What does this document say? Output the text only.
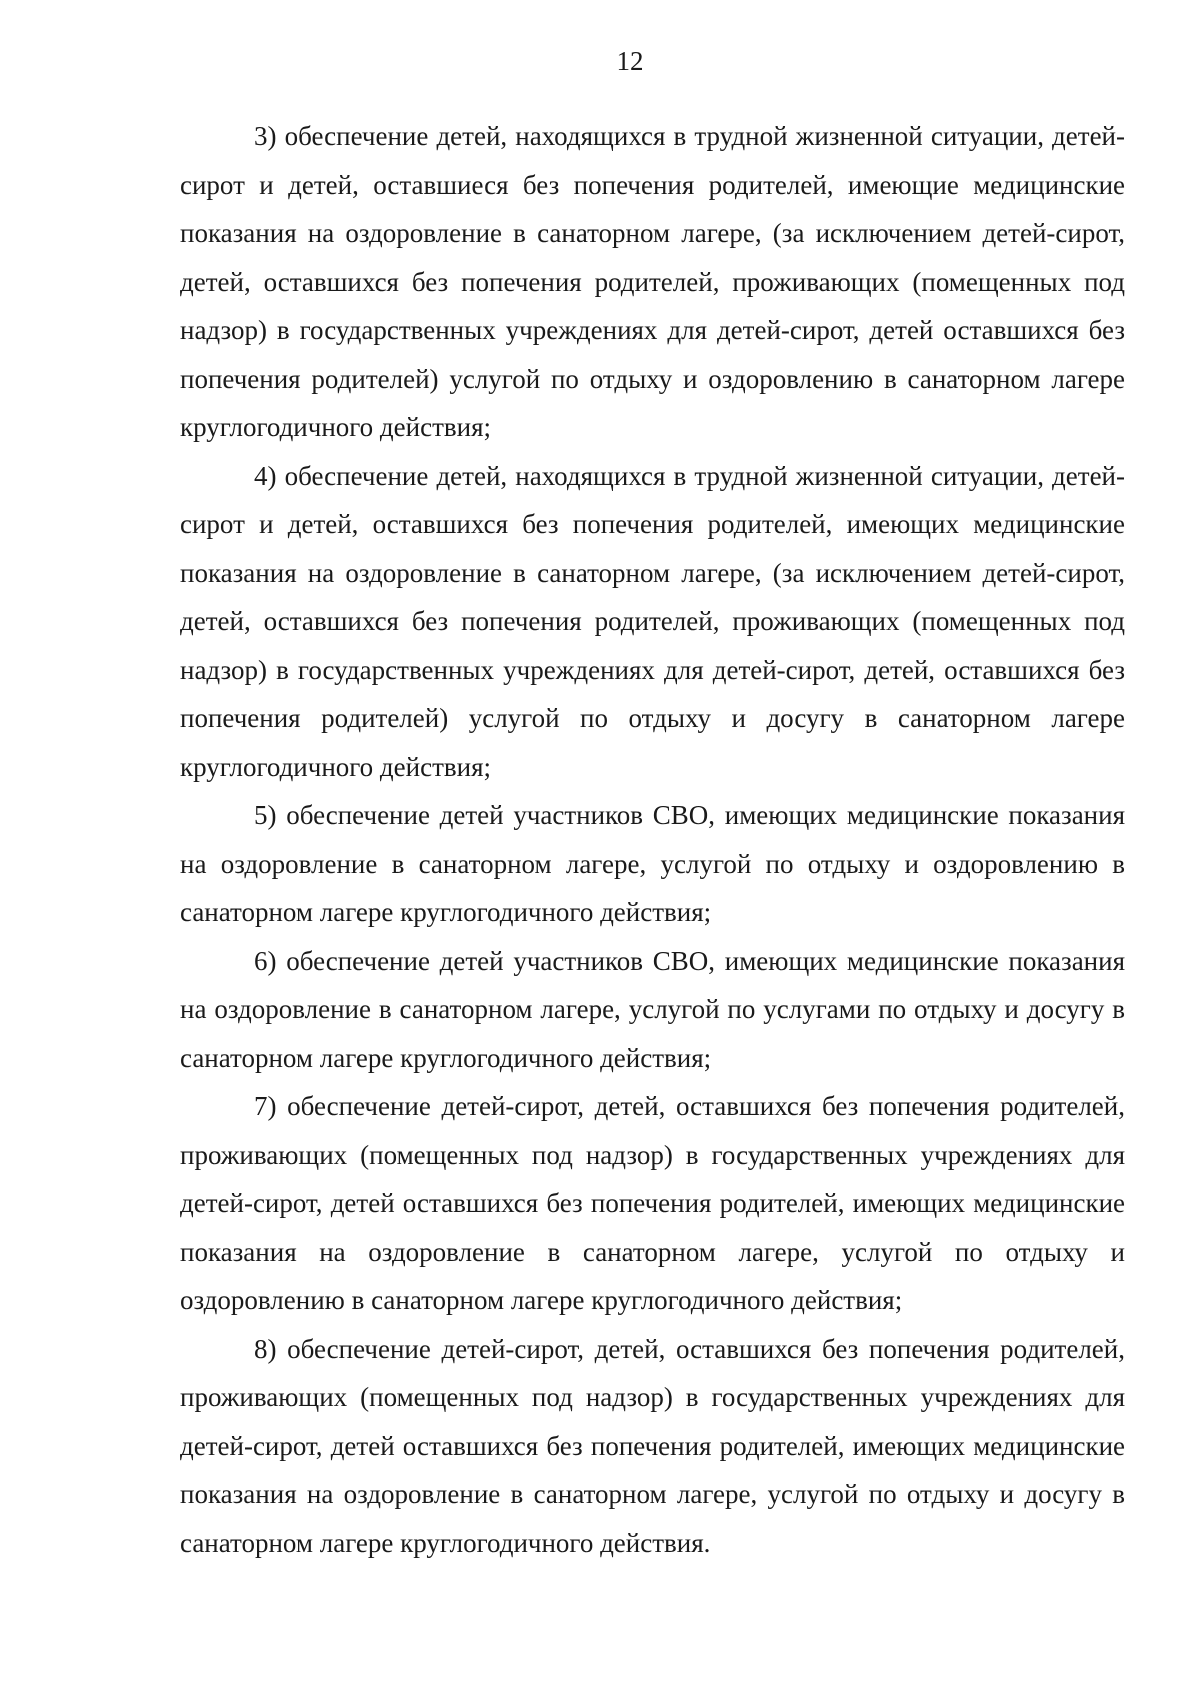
12

3) обеспечение детей, находящихся в трудной жизненной ситуации, детей-сирот и детей, оставшиеся без попечения родителей, имеющие медицинские показания на оздоровление в санаторном лагере, (за исключением детей-сирот, детей, оставшихся без попечения родителей, проживающих (помещенных под надзор) в государственных учреждениях для детей-сирот, детей оставшихся без попечения родителей) услугой по отдыху и оздоровлению в санаторном лагере круглогодичного действия;

4) обеспечение детей, находящихся в трудной жизненной ситуации, детей-сирот и детей, оставшихся без попечения родителей, имеющих медицинские показания на оздоровление в санаторном лагере, (за исключением детей-сирот, детей, оставшихся без попечения родителей, проживающих (помещенных под надзор) в государственных учреждениях для детей-сирот, детей, оставшихся без попечения родителей) услугой по отдыху и досугу в санаторном лагере круглогодичного действия;

5) обеспечение детей участников СВО, имеющих медицинские показания на оздоровление в санаторном лагере, услугой по отдыху и оздоровлению в санаторном лагере круглогодичного действия;

6) обеспечение детей участников СВО, имеющих медицинские показания на оздоровление в санаторном лагере, услугой по услугами по отдыху и досугу в санаторном лагере круглогодичного действия;

7) обеспечение детей-сирот, детей, оставшихся без попечения родителей, проживающих (помещенных под надзор) в государственных учреждениях для детей-сирот, детей оставшихся без попечения родителей, имеющих медицинские показания на оздоровление в санаторном лагере, услугой по отдыху и оздоровлению в санаторном лагере круглогодичного действия;

8) обеспечение детей-сирот, детей, оставшихся без попечения родителей, проживающих (помещенных под надзор) в государственных учреждениях для детей-сирот, детей оставшихся без попечения родителей, имеющих медицинские показания на оздоровление в санаторном лагере, услугой по отдыху и досугу в санаторном лагере круглогодичного действия.
